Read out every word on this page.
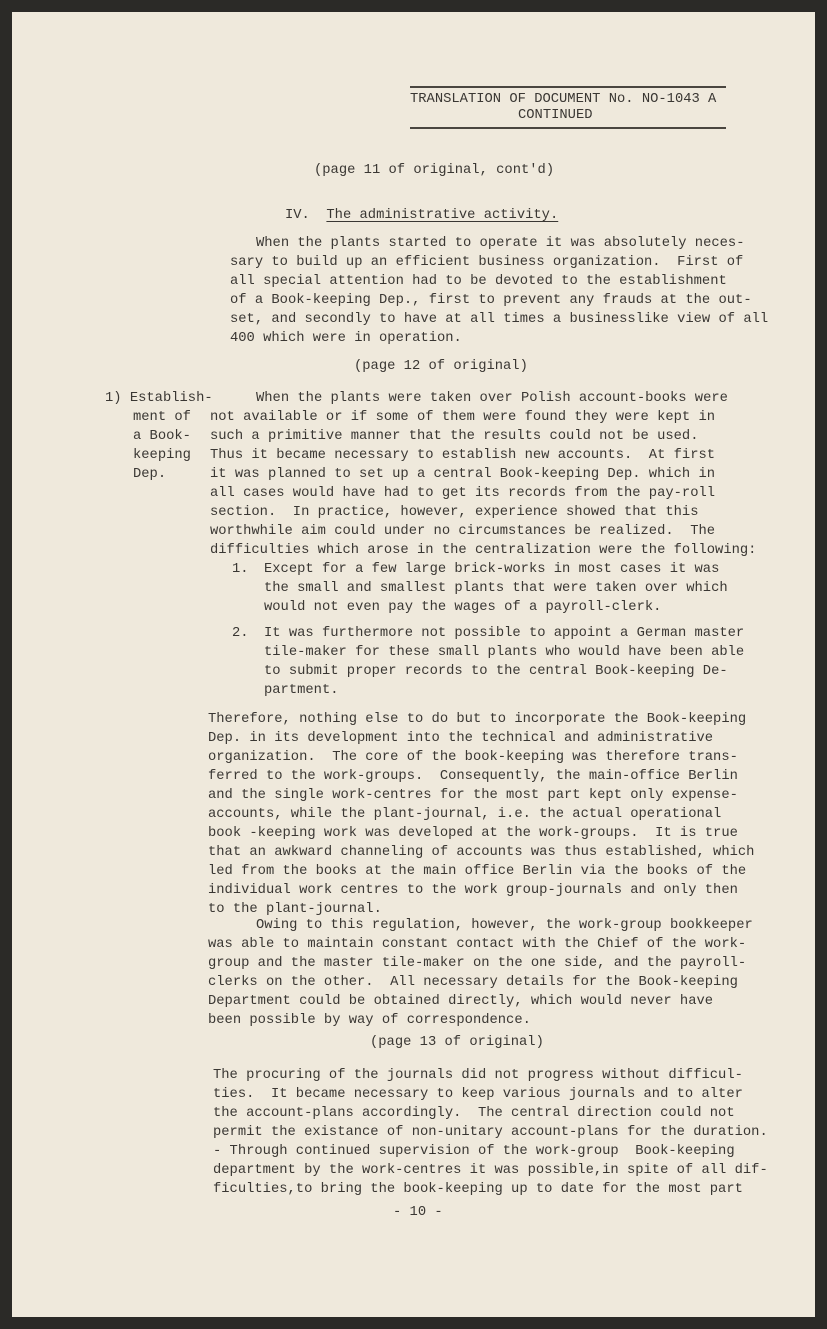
TRANSLATION OF DOCUMENT No. NO-1043 A
CONTINUED
(page 11 of original, cont'd)
IV. The administrative activity.
When the plants started to operate it was absolutely neces-
sary to build up an efficient business organization.  First of
all special attention had to be devoted to the establishment
of a Book-keeping Dep., first to prevent any frauds at the out-
set, and secondly to have at all times a businesslike view of all
400 which were in operation.
(page 12 of original)
1) Establish-
ment of
a Book-
keeping
Dep.
When the plants were taken over Polish account-books were
not available or if some of them were found they were kept in
such a primitive manner that the results could not be used.
Thus it became necessary to establish new accounts.  At first
it was planned to set up a central Book-keeping Dep. which in
all cases would have had to get its records from the pay-roll
section.  In practice, however, experience showed that this
worthwhile aim could under no circumstances be realized.  The
difficulties which arose in the centralization were the following:
1. Except for a few large brick-works in most cases it was
the small and smallest plants that were taken over which
would not even pay the wages of a payroll-clerk.
2. It was furthermore not possible to appoint a German master
tile-maker for these small plants who would have been able
to submit proper records to the central Book-keeping De-
partment.
Therefore, nothing else to do but to incorporate the Book-keeping
Dep. in its development into the technical and administrative
organization.  The core of the book-keeping was therefore trans-
ferred to the work-groups.  Consequently, the main-office Berlin
and the single work-centres for the most part kept only expense-
accounts, while the plant-journal, i.e. the actual operational
book -keeping work was developed at the work-groups.  It is true
that an awkward channeling of accounts was thus established, which
led from the books at the main office Berlin via the books of the
individual work centres to the work group-journals and only then
to the plant-journal.
Owing to this regulation, however, the work-group bookkeeper
was able to maintain constant contact with the Chief of the work-
group and the master tile-maker on the one side, and the payroll-
clerks on the other.  All necessary details for the Book-keeping
Department could be obtained directly, which would never have
been possible by way of correspondence.
(page 13 of original)
The procuring of the journals did not progress without difficul-
ties.  It became necessary to keep various journals and to alter
the account-plans accordingly.  The central direction could not
permit the existance of non-unitary account-plans for the duration.
- Through continued supervision of the work-group  Book-keeping
department by the work-centres it was possible,in spite of all dif-
ficulties,to bring the book-keeping up to date for the most part
- 10 -
